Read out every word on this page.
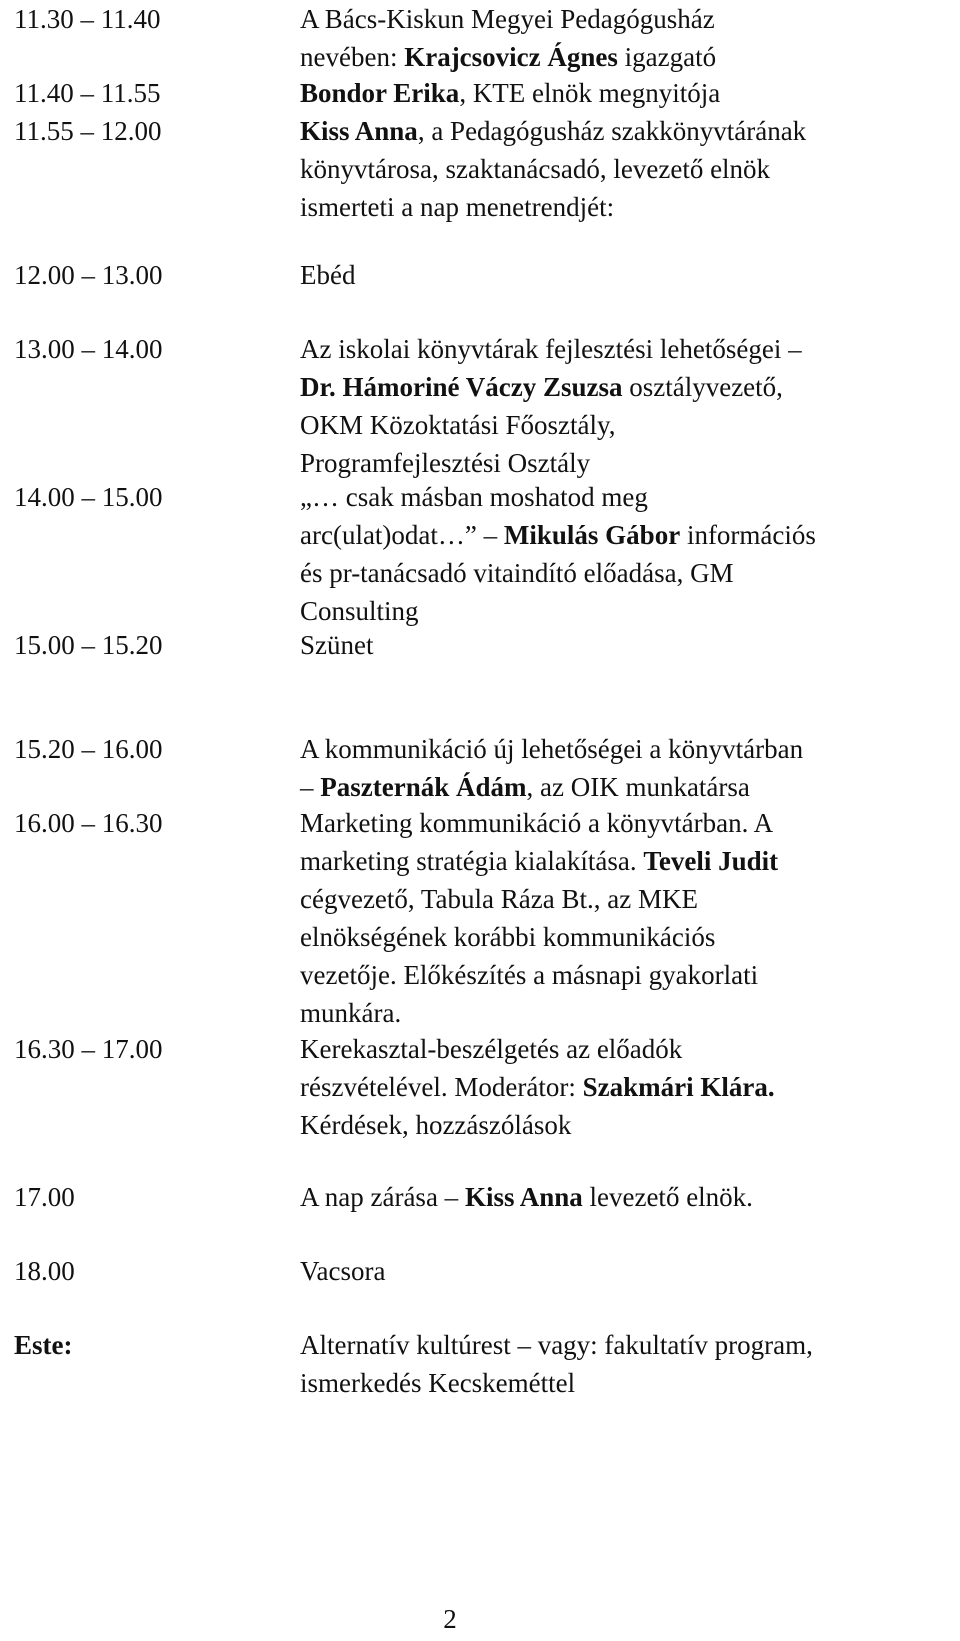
11.30 – 11.40	A Bács-Kiskun Megyei Pedagógusház
nevében: Krajcsovicz Ágnes igazgató
11.40 – 11.55	Bondor Erika, KTE elnök megnyitója
11.55 – 12.00	Kiss Anna, a Pedagógusház szakkönyvtárának
könyvtárosa, szaktanácsadó, levezető elnök
ismerteti a nap menetrendjét:
12.00 – 13.00	Ebéd
13.00 – 14.00	Az iskolai könyvtárak fejlesztési lehetőségei –
Dr. Hámoriné Váczy Zsuzsa osztályvezető,
OKM Közoktatási Főosztály,
Programfejlesztési Osztály
14.00 – 15.00	„… csak másban moshatod meg
arc(ulat)odat…” – Mikulás Gábor információs
és pr-tanácsadó vitaindító előadása, GM
Consulting
15.00 – 15.20	Szünet
15.20 – 16.00	A kommunikáció új lehetőségei a könyvtárban
– Paszternák Ádám, az OIK munkatársa
16.00 – 16.30	Marketing kommunikáció a könyvtárban. A
marketing stratégia kialakítása. Teveli Judit
cégvezető, Tabula Ráza Bt., az MKE
elnökségének korábbi kommunikációs
vezetője. Előkészítés a másnapi gyakorlati
munkára.
16.30 – 17.00	Kerekasztal-beszélgetés az előadók
részvételével. Moderátor: Szakmári Klára.
Kérdések, hozzászólások
17.00	A nap zárása – Kiss Anna levezető elnök.
18.00	Vacsora
Este:	Alternatív kultúrest – vagy: fakultatív program,
ismerkedés Kecskeméttel
2
